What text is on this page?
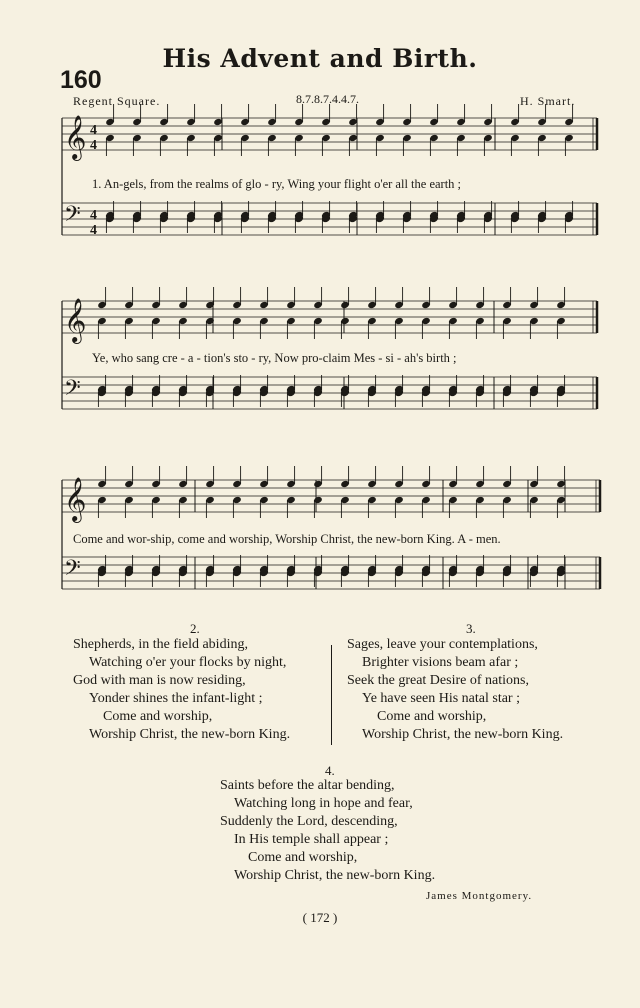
His Advent and Birth.
160
Regent Square.	8.7.8.7.4.4.7.	H. Smart.
𝄞 4
4
𝄢 4
4
𝄞
𝄢
𝄞
𝄢
1. An-gels, from the realms of glo - ry, Wing your flight o'er all the earth ;
Ye, who sang cre - a - tion's sto - ry, Now pro-claim Mes - si - ah's birth ;
Come and wor-ship, come and worship, Worship Christ, the new-born King. A - men.
2.
Shepherds, in the field abiding,
Watching o'er your flocks by night,
God with man is now residing,
Yonder shines the infant-light ;
Come and worship,
Worship Christ, the new-born King.
3.
Sages, leave your contemplations,
Brighter visions beam afar ;
Seek the great Desire of nations,
Ye have seen His natal star ;
Come and worship,
Worship Christ, the new-born King.
4.
Saints before the altar bending,
Watching long in hope and fear,
Suddenly the Lord, descending,
In His temple shall appear ;
Come and worship,
Worship Christ, the new-born King.
James Montgomery.
( 172 )
